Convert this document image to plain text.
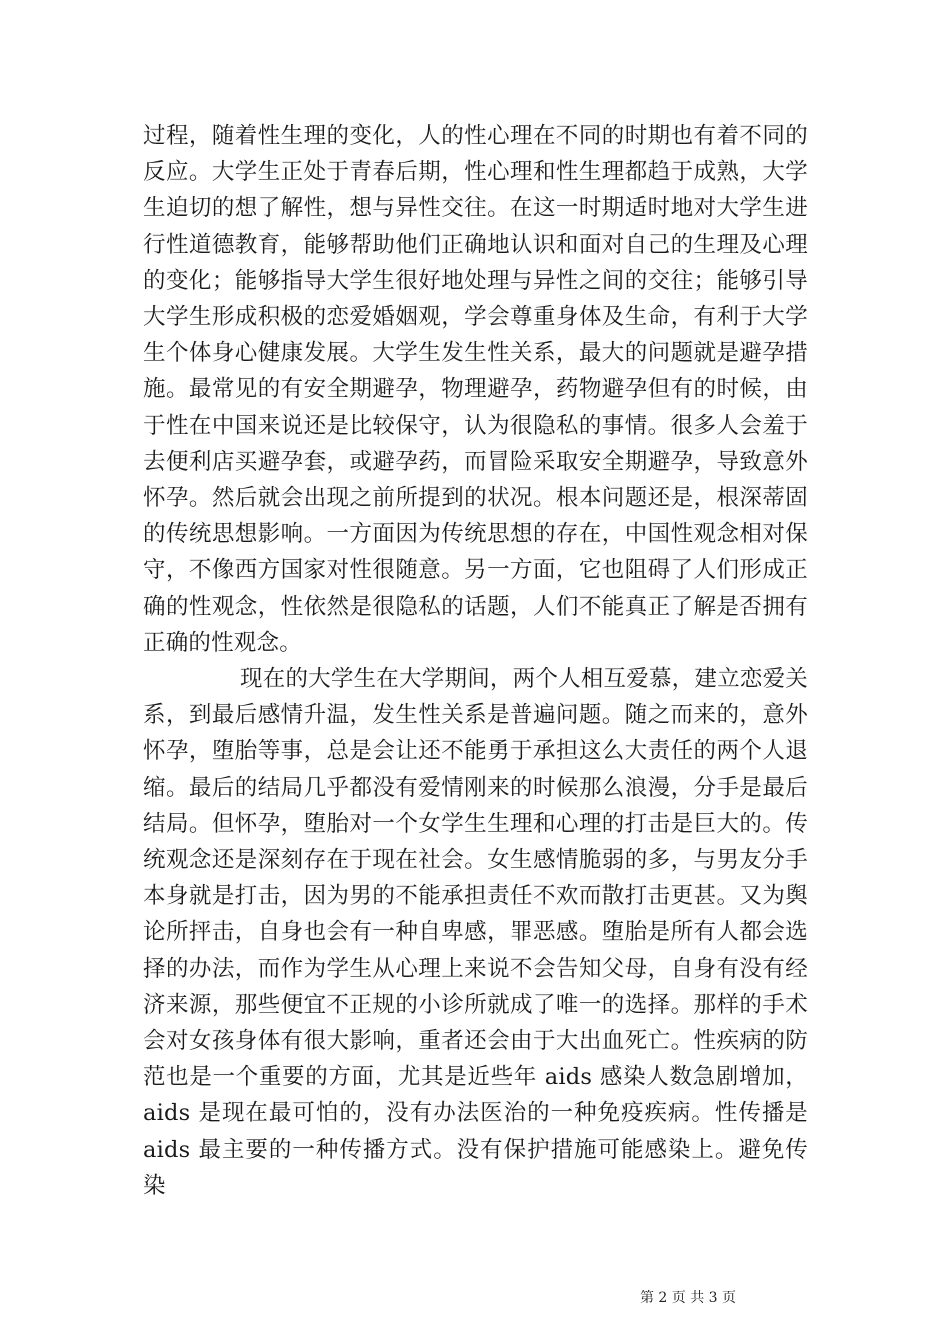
过程，随着性生理的变化，人的性心理在不同的时期也有着不同的反应。大学生正处于青春后期，性心理和性生理都趋于成熟，大学生迫切的想了解性，想与异性交往。在这一时期适时地对大学生进行性道德教育，能够帮助他们正确地认识和面对自己的生理及心理的变化；能够指导大学生很好地处理与异性之间的交往；能够引导大学生形成积极的恋爱婚姻观，学会尊重身体及生命，有利于大学生个体身心健康发展。大学生发生性关系，最大的问题就是避孕措施。最常见的有安全期避孕，物理避孕，药物避孕但有的时候，由于性在中国来说还是比较保守，认为很隐私的事情。很多人会羞于去便利店买避孕套，或避孕药，而冒险采取安全期避孕，导致意外怀孕。然后就会出现之前所提到的状况。根本问题还是，根深蒂固的传统思想影响。一方面因为传统思想的存在，中国性观念相对保守，不像西方国家对性很随意。另一方面，它也阻碍了人们形成正确的性观念，性依然是很隐私的话题，人们不能真正了解是否拥有正确的性观念。

现在的大学生在大学期间，两个人相互爱慕，建立恋爱关系，到最后感情升温，发生性关系是普遍问题。随之而来的，意外怀孕，堕胎等事，总是会让还不能勇于承担这么大责任的两个人退缩。最后的结局几乎都没有爱情刚来的时候那么浪漫，分手是最后结局。但怀孕，堕胎对一个女学生生理和心理的打击是巨大的。传统观念还是深刻存在于现在社会。女生感情脆弱的多，与男友分手本身就是打击，因为男的不能承担责任不欢而散打击更甚。又为舆论所抨击，自身也会有一种自卑感，罪恶感。堕胎是所有人都会选择的办法，而作为学生从心理上来说不会告知父母，自身有没有经济来源，那些便宜不正规的小诊所就成了唯一的选择。那样的手术会对女孩身体有很大影响，重者还会由于大出血死亡。性疾病的防范也是一个重要的方面，尤其是近些年 aids 感染人数急剧增加，aids 是现在最可怕的，没有办法医治的一种免疫疾病。性传播是 aids 最主要的一种传播方式。没有保护措施可能感染上。避免传染

第 2 页 共 3 页
